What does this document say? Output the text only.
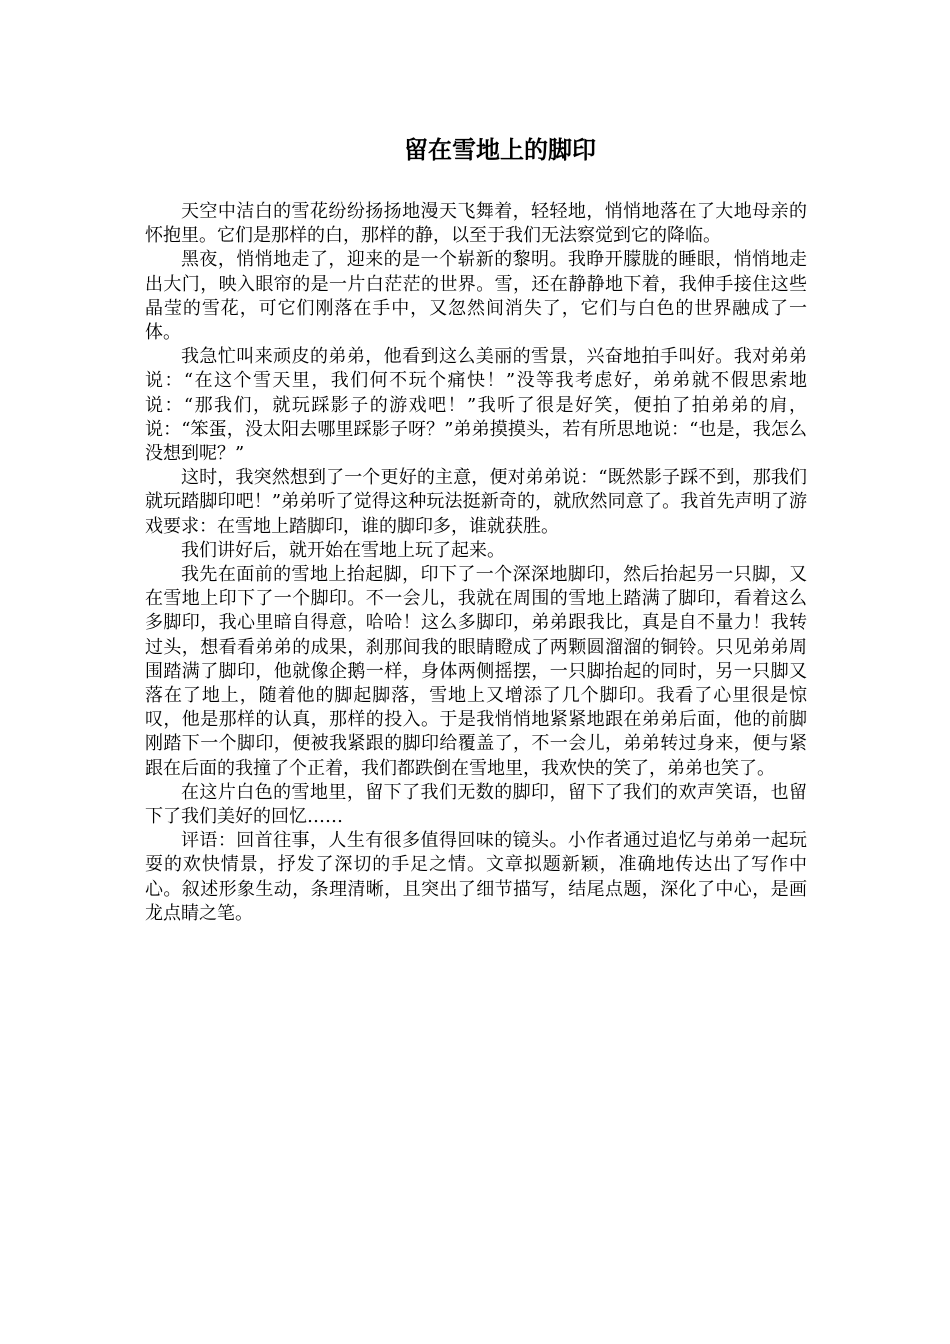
留在雪地上的脚印

天空中洁白的雪花纷纷扬扬地漫天飞舞着，轻轻地，悄悄地落在了大地母亲的怀抱里。它们是那样的白，那样的静，以至于我们无法察觉到它的降临。

黑夜，悄悄地走了，迎来的是一个崭新的黎明。我睁开朦胧的睡眼，悄悄地走出大门，映入眼帘的是一片白茫茫的世界。雪，还在静静地下着，我伸手接住这些晶莹的雪花，可它们刚落在手中，又忽然间消失了，它们与白色的世界融成了一体。

我急忙叫来顽皮的弟弟，他看到这么美丽的雪景，兴奋地拍手叫好。我对弟弟说：“在这个雪天里，我们何不玩个痛快！”没等我考虑好，弟弟就不假思索地说：“那我们，就玩踩影子的游戏吧！”我听了很是好笑，便拍了拍弟弟的肩，说：“笨蛋，没太阳去哪里踩影子呀？”弟弟摸摸头，若有所思地说：“也是，我怎么没想到呢？”

这时，我突然想到了一个更好的主意，便对弟弟说：“既然影子踩不到，那我们就玩踏脚印吧！”弟弟听了觉得这种玩法挺新奇的，就欣然同意了。我首先声明了游戏要求：在雪地上踏脚印，谁的脚印多，谁就获胜。

我们讲好后，就开始在雪地上玩了起来。

我先在面前的雪地上抬起脚，印下了一个深深地脚印，然后抬起另一只脚，又在雪地上印下了一个脚印。不一会儿，我就在周围的雪地上踏满了脚印，看着这么多脚印，我心里暗自得意，哈哈！这么多脚印，弟弟跟我比，真是自不量力！我转过头，想看看弟弟的成果，刹那间我的眼睛瞪成了两颗圆溜溜的铜铃。只见弟弟周围踏满了脚印，他就像企鹅一样，身体两侧摇摆，一只脚抬起的同时，另一只脚又落在了地上，随着他的脚起脚落，雪地上又增添了几个脚印。我看了心里很是惊叹，他是那样的认真，那样的投入。于是我悄悄地紧紧地跟在弟弟后面，他的前脚刚踏下一个脚印，便被我紧跟的脚印给覆盖了，不一会儿，弟弟转过身来，便与紧跟在后面的我撞了个正着，我们都跌倒在雪地里，我欢快的笑了，弟弟也笑了。

在这片白色的雪地里，留下了我们无数的脚印，留下了我们的欢声笑语，也留下了我们美好的回忆……

评语：回首往事，人生有很多值得回味的镜头。小作者通过追忆与弟弟一起玩耍的欢快情景，抒发了深切的手足之情。文章拟题新颖，准确地传达出了写作中心。叙述形象生动，条理清晰，且突出了细节描写，结尾点题，深化了中心，是画龙点睛之笔。
